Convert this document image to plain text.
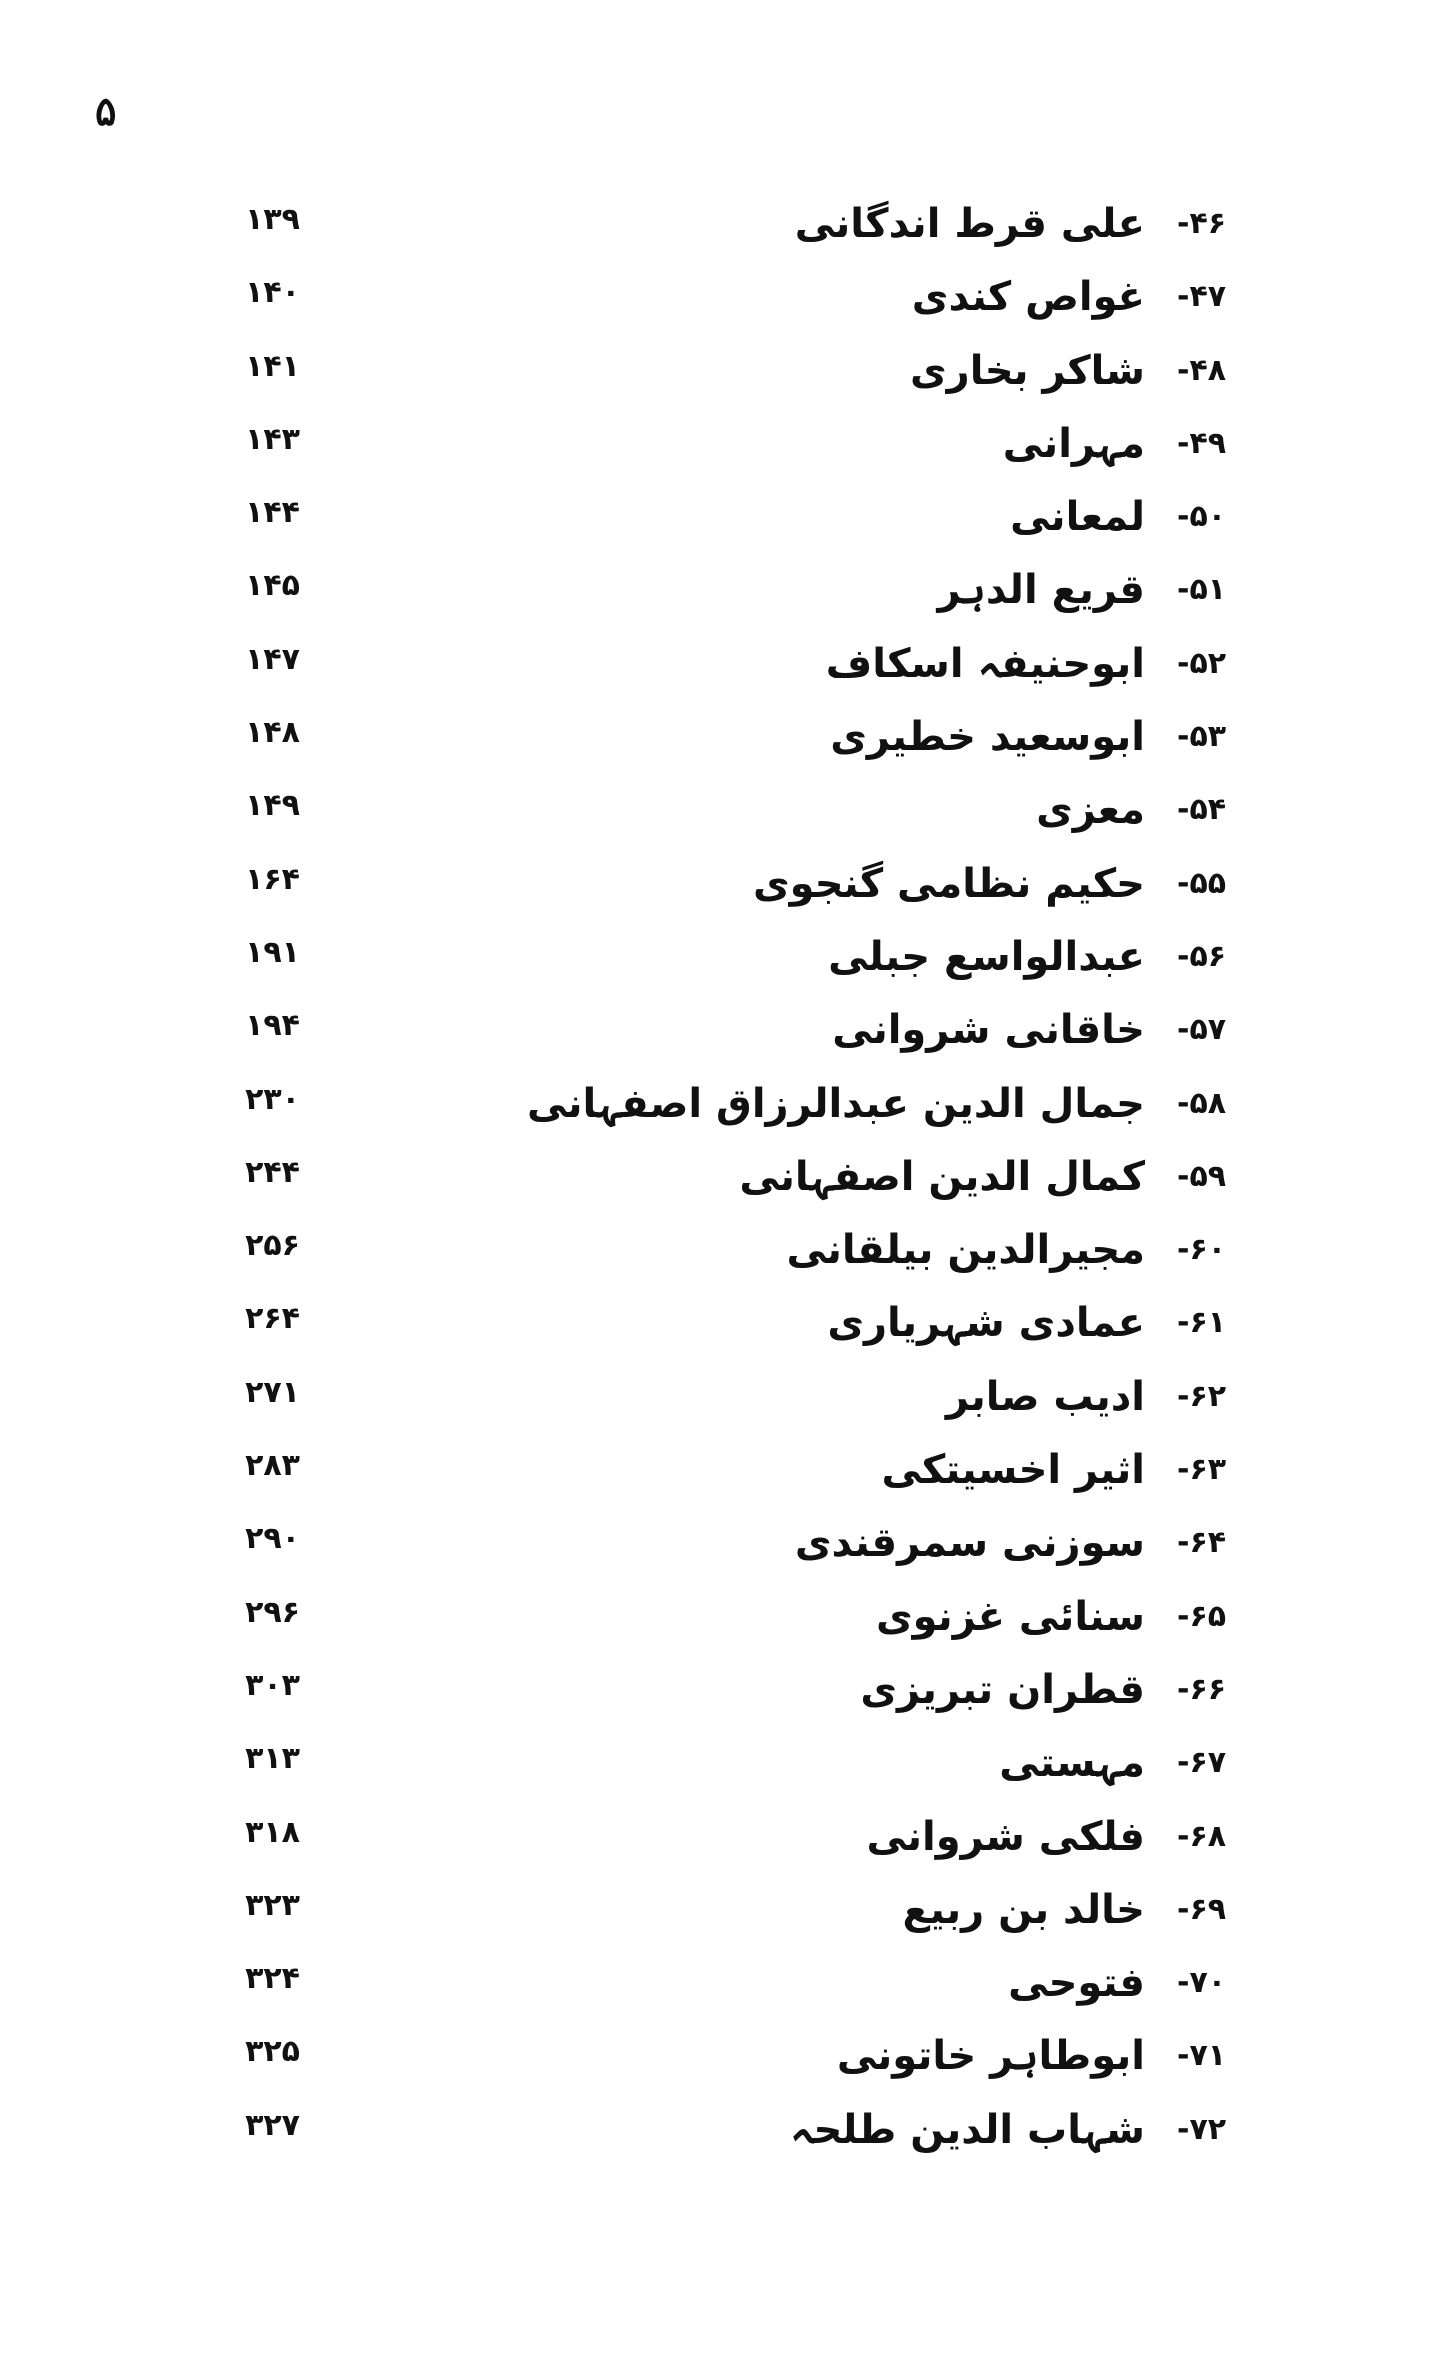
۵
۴۶-
علی قرط اندگانی
۱۳۹
۴۷-
غواص کندی
۱۴۰
۴۸-
شاکر بخاری
۱۴۱
۴۹-
مہرانی
۱۴۳
۵۰-
لمعانی
۱۴۴
۵۱-
قریع الدہر
۱۴۵
۵۲-
ابوحنیفہ اسکاف
۱۴۷
۵۳-
ابوسعید خطیری
۱۴۸
۵۴-
معزی
۱۴۹
۵۵-
حکیم نظامی گنجوی
۱۶۴
۵۶-
عبدالواسع جبلی
۱۹۱
۵۷-
خاقانی شروانی
۱۹۴
۵۸-
جمال الدین عبدالرزاق اصفہانی
۲۳۰
۵۹-
کمال الدین اصفہانی
۲۴۴
۶۰-
مجیرالدین بیلقانی
۲۵۶
۶۱-
عمادی شہریاری
۲۶۴
۶۲-
ادیب صابر
۲۷۱
۶۳-
اثیر اخسیتکی
۲۸۳
۶۴-
سوزنی سمرقندی
۲۹۰
۶۵-
سنائی غزنوی
۲۹۶
۶۶-
قطران تبریزی
۳۰۳
۶۷-
مہستی
۳۱۳
۶۸-
فلکی شروانی
۳۱۸
۶۹-
خالد بن ربیع
۳۲۳
۷۰-
فتوحی
۳۲۴
۷۱-
ابوطاہر خاتونی
۳۲۵
۷۲-
شہاب الدین طلحہ
۳۲۷
